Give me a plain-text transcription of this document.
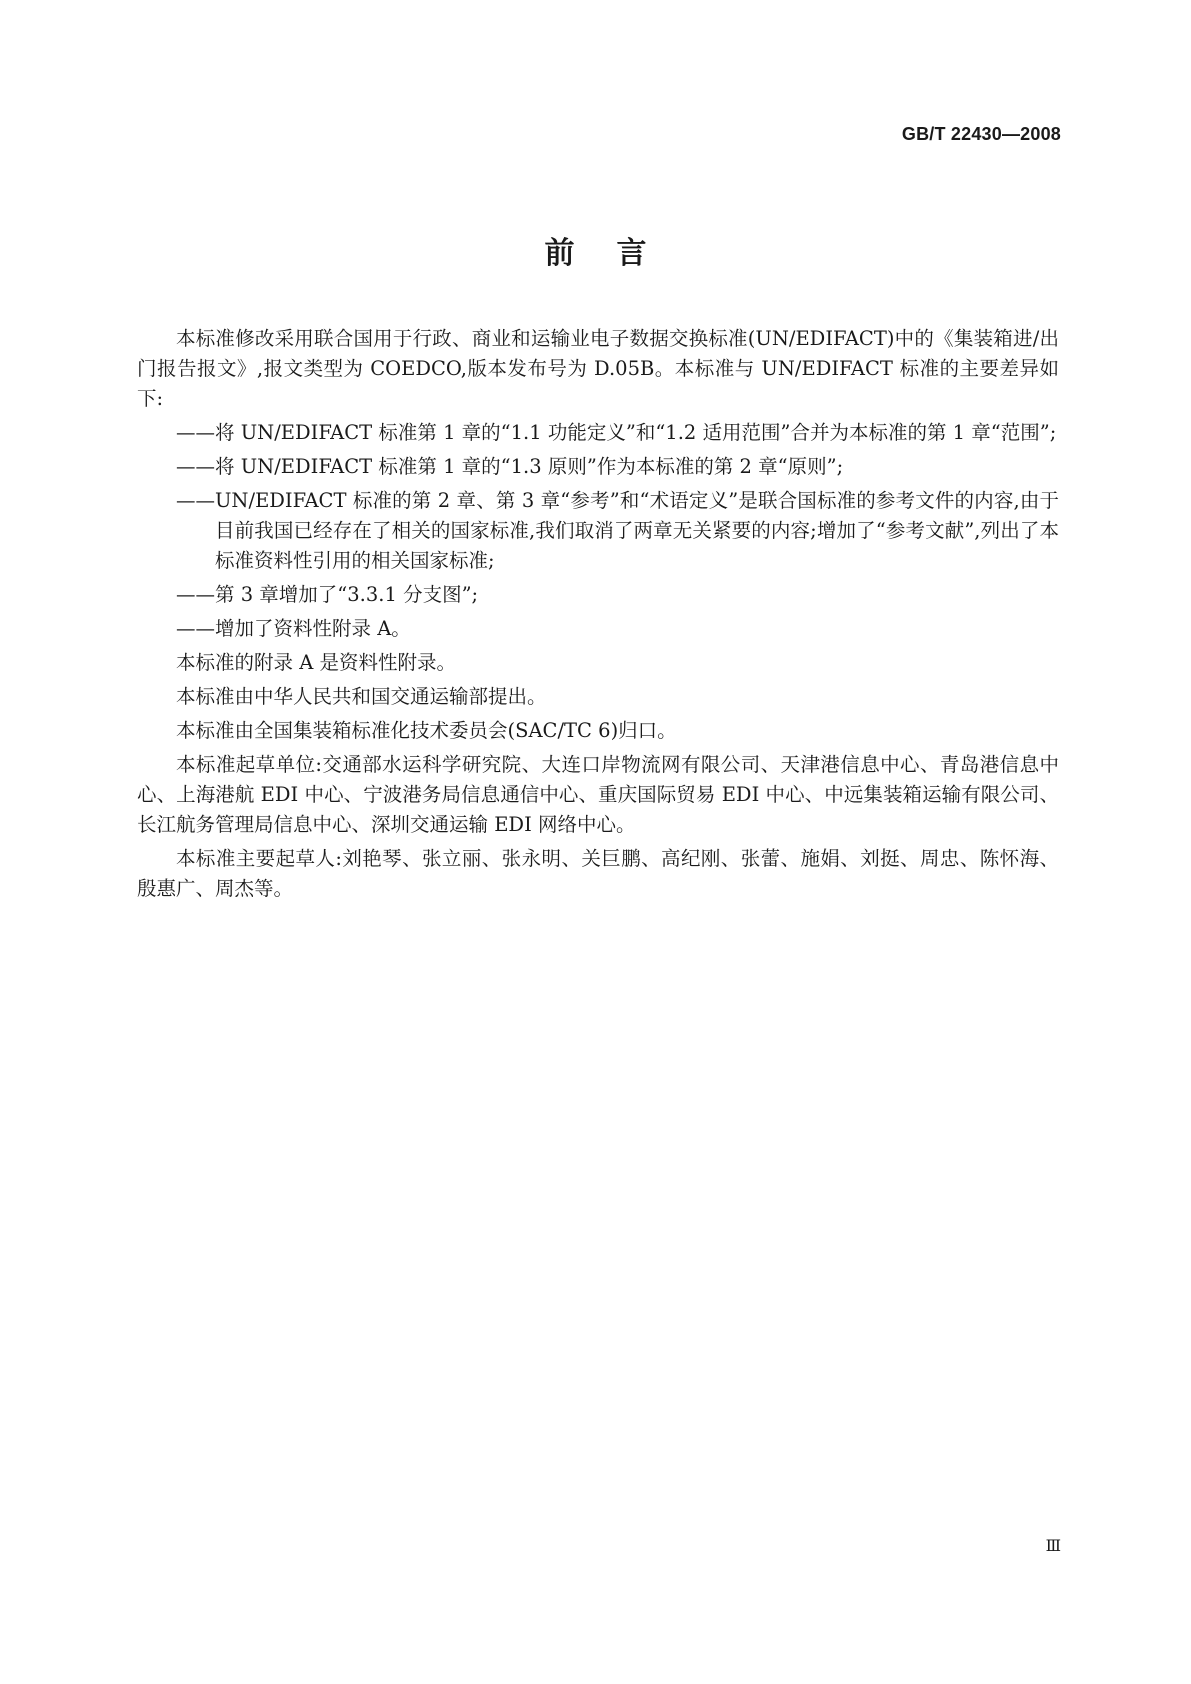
GB/T 22430—2008
前言

本标准修改采用联合国用于行政、商业和运输业电子数据交换标准(UN/EDIFACT)中的《集装箱进/出门报告报文》,报文类型为 COEDCO,版本发布号为 D.05B。本标准与 UN/EDIFACT 标准的主要差异如下:

——将 UN/EDIFACT 标准第 1 章的“1.1 功能定义”和“1.2 适用范围”合并为本标准的第 1 章“范围”;

——将 UN/EDIFACT 标准第 1 章的“1.3 原则”作为本标准的第 2 章“原则”;

——UN/EDIFACT 标准的第 2 章、第 3 章“参考”和“术语定义”是联合国标准的参考文件的内容,由于目前我国已经存在了相关的国家标准,我们取消了两章无关紧要的内容;增加了“参考文献”,列出了本标准资料性引用的相关国家标准;

——第 3 章增加了“3.3.1 分支图”;

——增加了资料性附录 A。

本标准的附录 A 是资料性附录。

本标准由中华人民共和国交通运输部提出。

本标准由全国集装箱标准化技术委员会(SAC/TC 6)归口。

本标准起草单位:交通部水运科学研究院、大连口岸物流网有限公司、天津港信息中心、青岛港信息中心、上海港航 EDI 中心、宁波港务局信息通信中心、重庆国际贸易 EDI 中心、中远集装箱运输有限公司、长江航务管理局信息中心、深圳交通运输 EDI 网络中心。

本标准主要起草人:刘艳琴、张立丽、张永明、关巨鹏、高纪刚、张蕾、施娟、刘挺、周忠、陈怀海、殷惠广、周杰等。

Ⅲ
